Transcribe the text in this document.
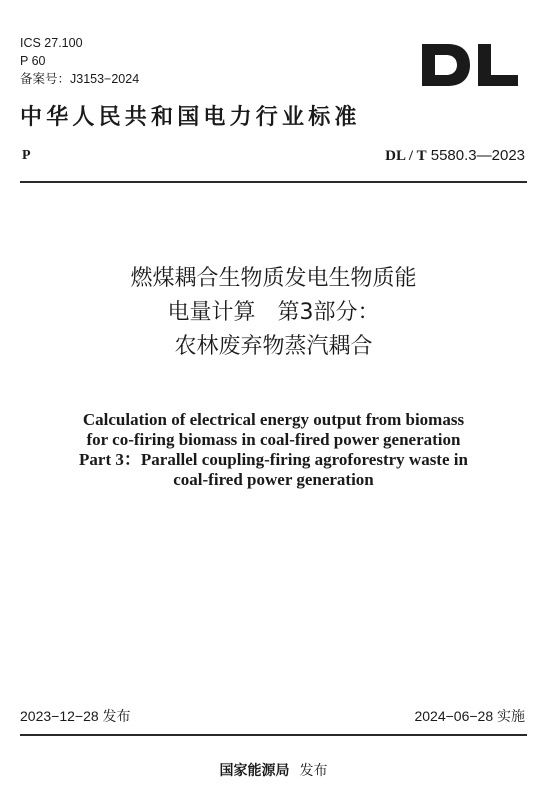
ICS 27.100
P 60
备案号：J3153−2024
中华人民共和国电力行业标准
P	DL / T 5580.3—2023
燃煤耦合生物质发电生物质能
电量计算　第3部分：
农林废弃物蒸汽耦合
Calculation of electrical energy output from biomass
for co-firing biomass in coal-fired power generation
Part 3：Parallel coupling-firing agroforestry waste in
coal-fired power generation
2023−12−28 发布	2024−06−28 实施
国家能源局 发布
